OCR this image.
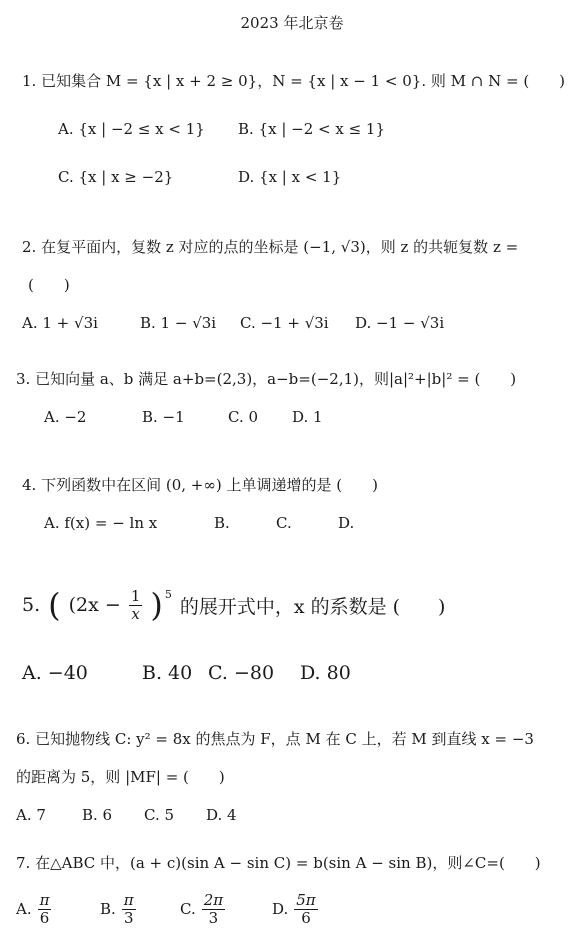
2023 年北京卷
1. 已知集合 M = {x | x + 2 ≥ 0}，N = {x | x − 1 < 0}. 则 M ∩ N = (　　)
A. {x | −2 ≤ x < 1} B. {x | −2 < x ≤ 1}
C. {x | x ≥ −2}	D. {x | x < 1}
2. 在复平面内，复数 z 对应的点的坐标是 (−1, √3)，则 z 的共轭复数 z =
(　　)
A. 1 + √3i	B. 1 − √3i C. −1 + √3i D. −1 − √3i
3. 已知向量 a、b 满足 a+b=(2,3)，a−b=(−2,1)，则|a|²+|b|² = (　　)
A. −2	B. −1	C. 0 D. 1
4. 下列函数中在区间 (0, +∞) 上单调递增的是 (　　)
A. f(x) = − ln x	B.	C.	D.
5. ( ($2x - \frac{1}{x}$ ) 5
的展开式中，x 的系数是 (　　)
A. −40	B. 40 C. −80 D. 80
6. 已知抛物线 C: y² = 8x 的焦点为 F，点 M 在 C 上，若 M 到直线 x = −3
的距离为 5，则 |MF| = (　　)
A. 7 B. 6 C. 5 D. 4
7. 在△ABC 中，(a + c)(sin A − sin C) = b(sin A − sin B)，则∠C=(　　)
A. $\frac{\pi}{6}$	B. $\frac{\pi}{3}$	C. $\frac{2\pi}{3}$	D. $\frac{5\pi}{6}$
